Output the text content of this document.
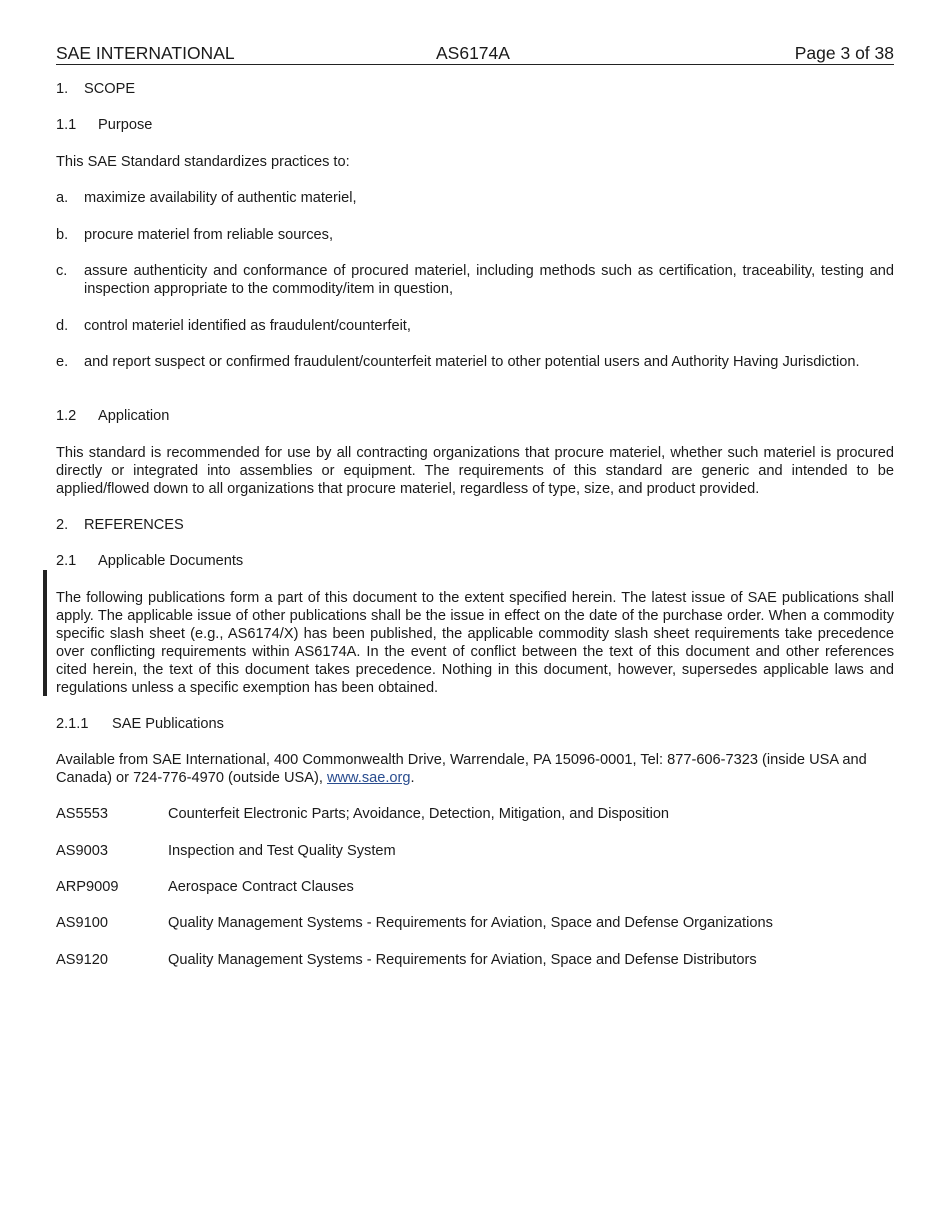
SAE INTERNATIONAL	AS6174A	Page 3 of 38
1. SCOPE
1.1 Purpose
This SAE Standard standardizes practices to:
a. maximize availability of authentic materiel,
b. procure materiel from reliable sources,
c. assure authenticity and conformance of procured materiel, including methods such as certification, traceability, testing and inspection appropriate to the commodity/item in question,
d. control materiel identified as fraudulent/counterfeit,
e. and report suspect or confirmed fraudulent/counterfeit materiel to other potential users and Authority Having Jurisdiction.
1.2 Application
This standard is recommended for use by all contracting organizations that procure materiel, whether such materiel is procured directly or integrated into assemblies or equipment. The requirements of this standard are generic and intended to be applied/flowed down to all organizations that procure materiel, regardless of type, size, and product provided.
2. REFERENCES
2.1 Applicable Documents
The following publications form a part of this document to the extent specified herein. The latest issue of SAE publications shall apply. The applicable issue of other publications shall be the issue in effect on the date of the purchase order. When a commodity specific slash sheet (e.g., AS6174/X) has been published, the applicable commodity slash sheet requirements take precedence over conflicting requirements within AS6174A. In the event of conflict between the text of this document and other references cited herein, the text of this document takes precedence. Nothing in this document, however, supersedes applicable laws and regulations unless a specific exemption has been obtained.
2.1.1 SAE Publications
Available from SAE International, 400 Commonwealth Drive, Warrendale, PA 15096-0001, Tel: 877-606-7323 (inside USA and Canada) or 724-776-4970 (outside USA), www.sae.org.
AS5553	Counterfeit Electronic Parts; Avoidance, Detection, Mitigation, and Disposition
AS9003	Inspection and Test Quality System
ARP9009	Aerospace Contract Clauses
AS9100	Quality Management Systems - Requirements for Aviation, Space and Defense Organizations
AS9120	Quality Management Systems - Requirements for Aviation, Space and Defense Distributors
